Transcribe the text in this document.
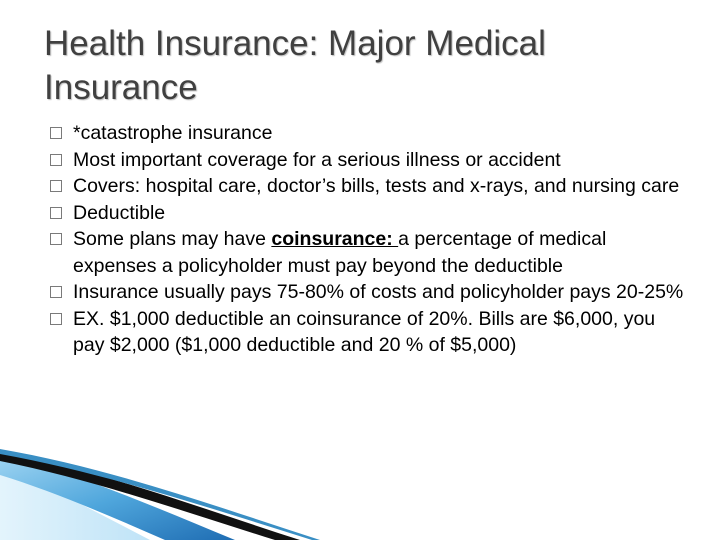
Health Insurance: Major Medical Insurance
*catastrophe insurance
Most important coverage for a serious illness or accident
Covers: hospital care, doctor’s bills, tests and x-rays, and nursing care
Deductible
Some plans may have coinsurance: a percentage of medical expenses a policyholder must pay beyond the deductible
Insurance usually pays 75-80% of costs and policyholder pays 20-25%
EX. $1,000 deductible an coinsurance of 20%. Bills are $6,000, you pay $2,000 ($1,000 deductible and 20 % of $5,000)
